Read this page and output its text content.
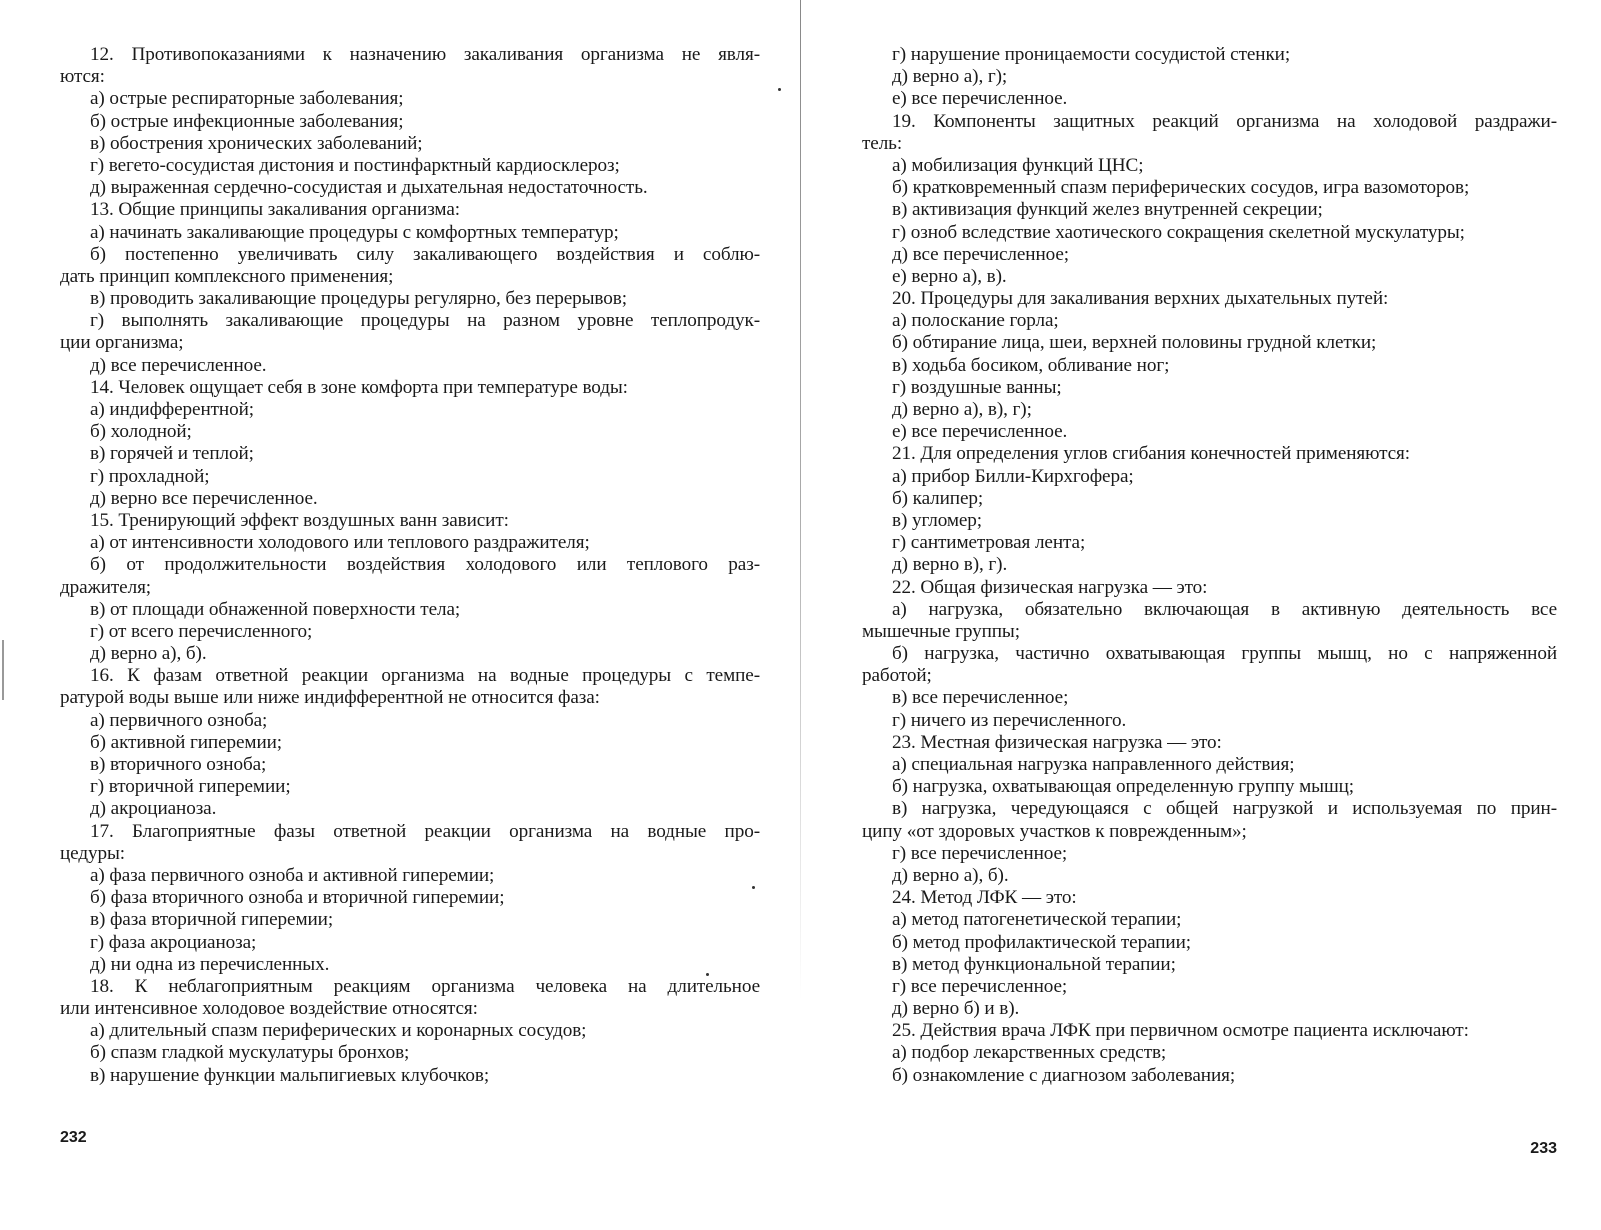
12. Противопоказаниями к назначению закаливания организма не явля-
ются:
а) острые респираторные заболевания;
б) острые инфекционные заболевания;
в) обострения хронических заболеваний;
г) вегето-сосудистая дистония и постинфарктный кардиосклероз;
д) выраженная сердечно-сосудистая и дыхательная недостаточность.
13. Общие принципы закаливания организма:
а) начинать закаливающие процедуры с комфортных температур;
б) постепенно увеличивать силу закаливающего воздействия и соблю-
дать принцип комплексного применения;
в) проводить закаливающие процедуры регулярно, без перерывов;
г) выполнять закаливающие процедуры на разном уровне теплопродук-
ции организма;
д) все перечисленное.
14. Человек ощущает себя в зоне комфорта при температуре воды:
а) индифферентной;
б) холодной;
в) горячей и теплой;
г) прохладной;
д) верно все перечисленное.
15. Тренирующий эффект воздушных ванн зависит:
а) от интенсивности холодового или теплового раздражителя;
б) от продолжительности воздействия холодового или теплового раз-
дражителя;
в) от площади обнаженной поверхности тела;
г) от всего перечисленного;
д) верно а), б).
16. К фазам ответной реакции организма на водные процедуры с темпе-
ратурой воды выше или ниже индифферентной не относится фаза:
а) первичного озноба;
б) активной гиперемии;
в) вторичного озноба;
г) вторичной гиперемии;
д) акроцианоза.
17. Благоприятные фазы ответной реакции организма на водные про-
цедуры:
а) фаза первичного озноба и активной гиперемии;
б) фаза вторичного озноба и вторичной гиперемии;
в) фаза вторичной гиперемии;
г) фаза акроцианоза;
д) ни одна из перечисленных.
18. К неблагоприятным реакциям организма человека на длительное
или интенсивное холодовое воздействие относятся:
а) длительный спазм периферических и коронарных сосудов;
б) спазм гладкой мускулатуры бронхов;
в) нарушение функции мальпигиевых клубочков;
232
г) нарушение проницаемости сосудистой стенки;
д) верно а), г);
е) все перечисленное.
19. Компоненты защитных реакций организма на холодовой раздражи-
тель:
а) мобилизация функций ЦНС;
б) кратковременный спазм периферических сосудов, игра вазомоторов;
в) активизация функций желез внутренней секреции;
г) озноб вследствие хаотического сокращения скелетной мускулатуры;
д) все перечисленное;
е) верно а), в).
20. Процедуры для закаливания верхних дыхательных путей:
а) полоскание горла;
б) обтирание лица, шеи, верхней половины грудной клетки;
в) ходьба босиком, обливание ног;
г) воздушные ванны;
д) верно а), в), г);
е) все перечисленное.
21. Для определения углов сгибания конечностей применяются:
а) прибор Билли-Кирхгофера;
б) калипер;
в) угломер;
г) сантиметровая лента;
д) верно в), г).
22. Общая физическая нагрузка — это:
а) нагрузка, обязательно включающая в активную деятельность все
мышечные группы;
б) нагрузка, частично охватывающая группы мышц, но с напряженной
работой;
в) все перечисленное;
г) ничего из перечисленного.
23. Местная физическая нагрузка — это:
а) специальная нагрузка направленного действия;
б) нагрузка, охватывающая определенную группу мышц;
в) нагрузка, чередующаяся с общей нагрузкой и используемая по прин-
ципу «от здоровых участков к поврежденным»;
г) все перечисленное;
д) верно а), б).
24. Метод ЛФК — это:
а) метод патогенетической терапии;
б) метод профилактической терапии;
в) метод функциональной терапии;
г) все перечисленное;
д) верно б) и в).
25. Действия врача ЛФК при первичном осмотре пациента исключают:
а) подбор лекарственных средств;
б) ознакомление с диагнозом заболевания;
233
